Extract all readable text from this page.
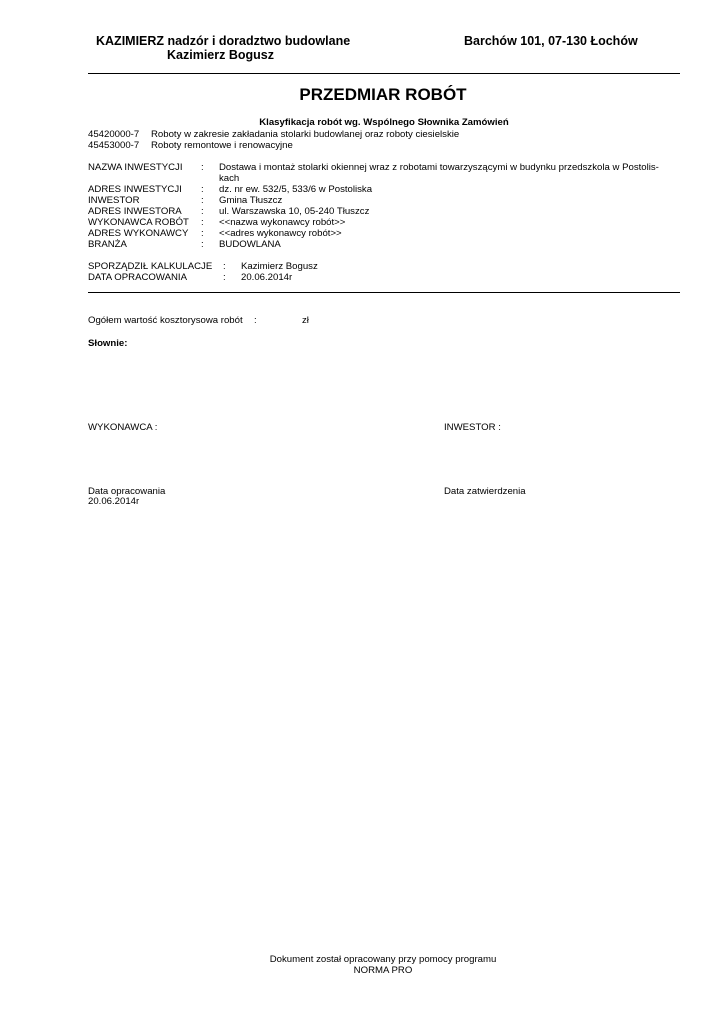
KAZIMIERZ nadzór i doradztwo budowlane
Kazimierz Bogusz
Barchów 101, 07-130 Łochów
PRZEDMIAR ROBÓT
Klasyfikacja robót wg. Wspólnego Słownika Zamówień
45420000-7 Roboty w zakresie zakładania stolarki budowlanej oraz roboty ciesielskie
45453000-7 Roboty remontowe i renowacyjne
NAZWA INWESTYCJI : Dostawa i montaż stolarki okiennej wraz z robotami towarzyszącymi w budynku przedszkola w Postolis-
kach
ADRES INWESTYCJI : dz. nr ew. 532/5, 533/6 w Postoliska
INWESTOR	: Gmina Tłuszcz
ADRES INWESTORA : ul. Warszawska 10, 05-240 Tłuszcz
WYKONAWCA ROBÓT : <<nazwa wykonawcy robót>>
ADRES WYKONAWCY : <<adres wykonawcy robót>>
BRANŻA	: BUDOWLANA
SPORZĄDZIŁ KALKULACJE : Kazimierz Bogusz
DATA OPRACOWANIA	: 20.06.2014r
Ogółem wartość kosztorysowa robót :	zł
Słownie:
WYKONAWCA :	INWESTOR :
Data opracowania
20.06.2014r
Data zatwierdzenia
Dokument został opracowany przy pomocy programu
NORMA PRO
